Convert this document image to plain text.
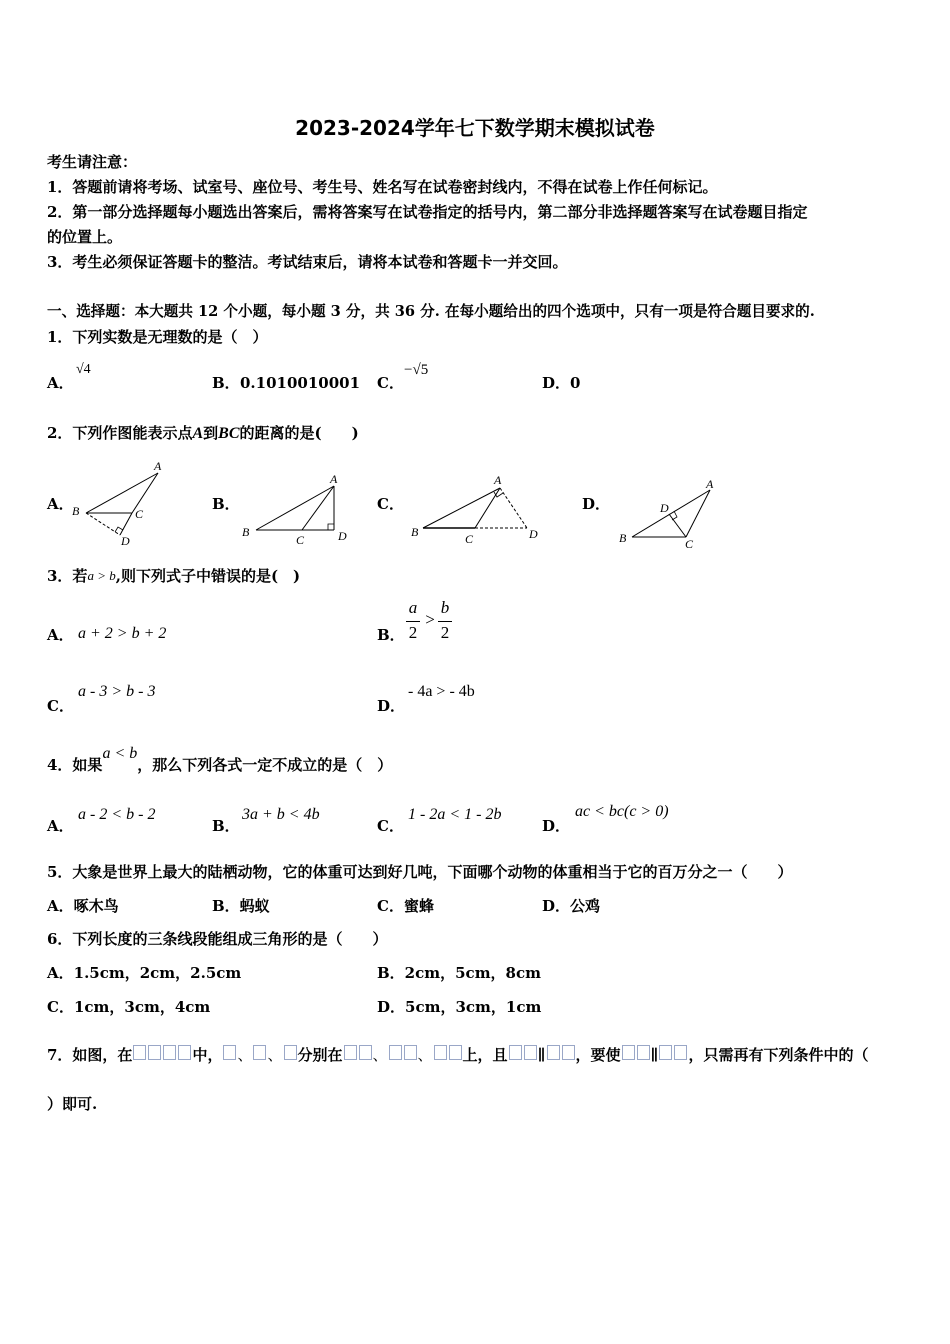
2023-2024学年七下数学期末模拟试卷
考生请注意：
1．答题前请将考场、试室号、座位号、考生号、姓名写在试卷密封线内，不得在试卷上作任何标记。
2．第一部分选择题每小题选出答案后，需将答案写在试卷指定的括号内，第二部分非选择题答案写在试卷题目指定
的位置上。
3．考生必须保证答题卡的整洁。考试结束后，请将本试卷和答题卡一并交回。
一、选择题：本大题共 12 个小题，每小题 3 分，共 36 分. 在每小题给出的四个选项中，只有一项是符合题目要求的.
1．下列实数是无理数的是（　）
A．
√4
B． 0.1010010001 C．
−√5
D． 0
2．下列作图能表示点A到BC的距离的是(　　)
A．
A
B	C
D
B．
A
B
C	D
C．
A
B	C	D
D．
A
B	C
D
3．若a > b,则下列式子中错误的是(　)
A． a + 2 > b + 2	B．
a
2
>
b
2
C．
a - 3 > b - 3
D．
- 4a > - 4b
4．如果a < b，那么下列各式一定不成立的是（　）
A．
a - 2 < b - 2
B．
3a + b < 4b
C．
1 - 2a < 1 - 2b
D．
ac < bc(c > 0)
5．大象是世界上最大的陆栖动物，它的体重可达到好几吨，下面哪个动物的体重相当于它的百万分之一（　　）
A．啄木鸟	B．蚂蚁	C．蜜蜂	D．公鸡
6．下列长度的三条线段能组成三角形的是（　　）
A．1.5cm，2cm，2.5cm	B．2cm，5cm，8cm
C．1cm，3cm，4cm	D．5cm，3cm，1cm
7．如图，在	中， 、 、 分别在 、 、 上，且 ∥ ，要使 ∥ ，只需再有下列条件中的（
）即可.
